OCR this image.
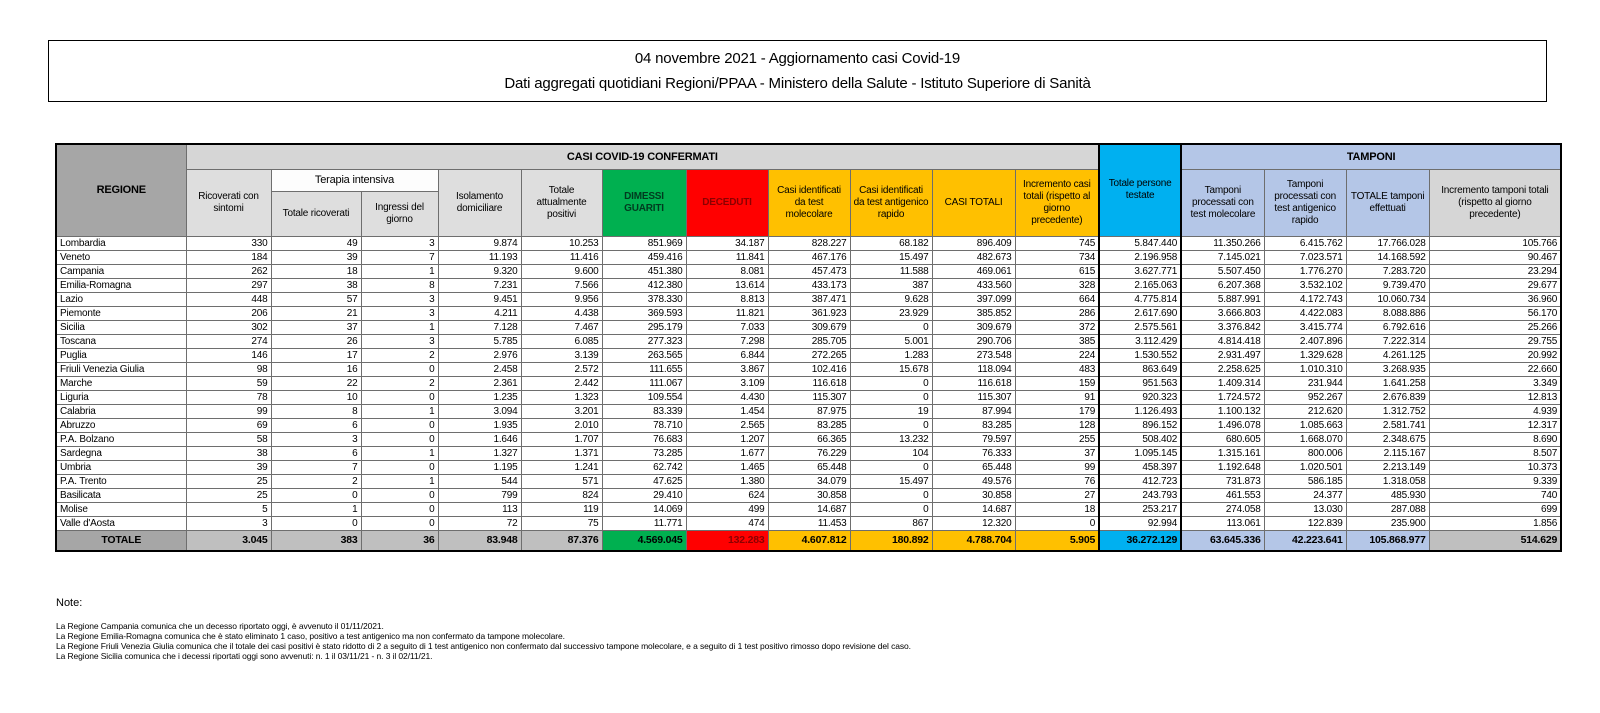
04 novembre 2021 - Aggiornamento casi Covid-19
Dati aggregati quotidiani Regioni/PPAA - Ministero della Salute - Istituto Superiore di Sanità
REGIONE	CASI COVID-19 CONFERMATI											Totale persone testate	TAMPONI			
	Ricoverati con sintomi	Terapia intensiva		Isolamento domiciliare	Totale attualmente positivi	DIMESSI GUARITI	DECEDUTI	Casi identificati da test molecolare	Casi identificati da test antigenico rapido	CASI TOTALI	Incremento casi totali (rispetto al giorno precedente)		Tamponi processati con test molecolare	Tamponi processati con test antigenico rapido	TOTALE tamponi effettuati	Incremento tamponi totali (rispetto al giorno precedente)
		Totale ricoverati	Ingressi del giorno													
Lombardia	330	49	3	9.874	10.253	851.969	34.187	828.227	68.182	896.409	745	5.847.440	11.350.266	6.415.762	17.766.028	105.766
Veneto	184	39	7	11.193	11.416	459.416	11.841	467.176	15.497	482.673	734	2.196.958	7.145.021	7.023.571	14.168.592	90.467
Campania	262	18	1	9.320	9.600	451.380	8.081	457.473	11.588	469.061	615	3.627.771	5.507.450	1.776.270	7.283.720	23.294
Emilia-Romagna	297	38	8	7.231	7.566	412.380	13.614	433.173	387	433.560	328	2.165.063	6.207.368	3.532.102	9.739.470	29.677
Lazio	448	57	3	9.451	9.956	378.330	8.813	387.471	9.628	397.099	664	4.775.814	5.887.991	4.172.743	10.060.734	36.960
Piemonte	206	21	3	4.211	4.438	369.593	11.821	361.923	23.929	385.852	286	2.617.690	3.666.803	4.422.083	8.088.886	56.170
Sicilia	302	37	1	7.128	7.467	295.179	7.033	309.679	0	309.679	372	2.575.561	3.376.842	3.415.774	6.792.616	25.266
Toscana	274	26	3	5.785	6.085	277.323	7.298	285.705	5.001	290.706	385	3.112.429	4.814.418	2.407.896	7.222.314	29.755
Puglia	146	17	2	2.976	3.139	263.565	6.844	272.265	1.283	273.548	224	1.530.552	2.931.497	1.329.628	4.261.125	20.992
Friuli Venezia Giulia	98	16	0	2.458	2.572	111.655	3.867	102.416	15.678	118.094	483	863.649	2.258.625	1.010.310	3.268.935	22.660
Marche	59	22	2	2.361	2.442	111.067	3.109	116.618	0	116.618	159	951.563	1.409.314	231.944	1.641.258	3.349
Liguria	78	10	0	1.235	1.323	109.554	4.430	115.307	0	115.307	91	920.323	1.724.572	952.267	2.676.839	12.813
Calabria	99	8	1	3.094	3.201	83.339	1.454	87.975	19	87.994	179	1.126.493	1.100.132	212.620	1.312.752	4.939
Abruzzo	69	6	0	1.935	2.010	78.710	2.565	83.285	0	83.285	128	896.152	1.496.078	1.085.663	2.581.741	12.317
P.A. Bolzano	58	3	0	1.646	1.707	76.683	1.207	66.365	13.232	79.597	255	508.402	680.605	1.668.070	2.348.675	8.690
Sardegna	38	6	1	1.327	1.371	73.285	1.677	76.229	104	76.333	37	1.095.145	1.315.161	800.006	2.115.167	8.507
Umbria	39	7	0	1.195	1.241	62.742	1.465	65.448	0	65.448	99	458.397	1.192.648	1.020.501	2.213.149	10.373
P.A. Trento	25	2	1	544	571	47.625	1.380	34.079	15.497	49.576	76	412.723	731.873	586.185	1.318.058	9.339
Basilicata	25	0	0	799	824	29.410	624	30.858	0	30.858	27	243.793	461.553	24.377	485.930	740
Molise	5	1	0	113	119	14.069	499	14.687	0	14.687	18	253.217	274.058	13.030	287.088	699
Valle d'Aosta	3	0	0	72	75	11.771	474	11.453	867	12.320	0	92.994	113.061	122.839	235.900	1.856
TOTALE	3.045	383	36	83.948	87.376	4.569.045	132.283	4.607.812	180.892	4.788.704	5.905	36.272.129	63.645.336	42.223.641	105.868.977	514.629
Note:
La Regione Campania comunica che un decesso riportato oggi, è avvenuto il 01/11/2021.
La Regione Emilia-Romagna comunica che è stato eliminato 1 caso, positivo a test antigenico ma non confermato da tampone molecolare.
La Regione Friuli Venezia Giulia comunica che il totale dei casi positivi è stato ridotto di 2 a seguito di 1 test antigenico non confermato dal successivo tampone molecolare, e a seguito di 1 test positivo rimosso dopo revisione del caso.
La Regione Sicilia comunica che i decessi riportati oggi sono avvenuti: n. 1 il 03/11/21 - n. 3 il 02/11/21.
